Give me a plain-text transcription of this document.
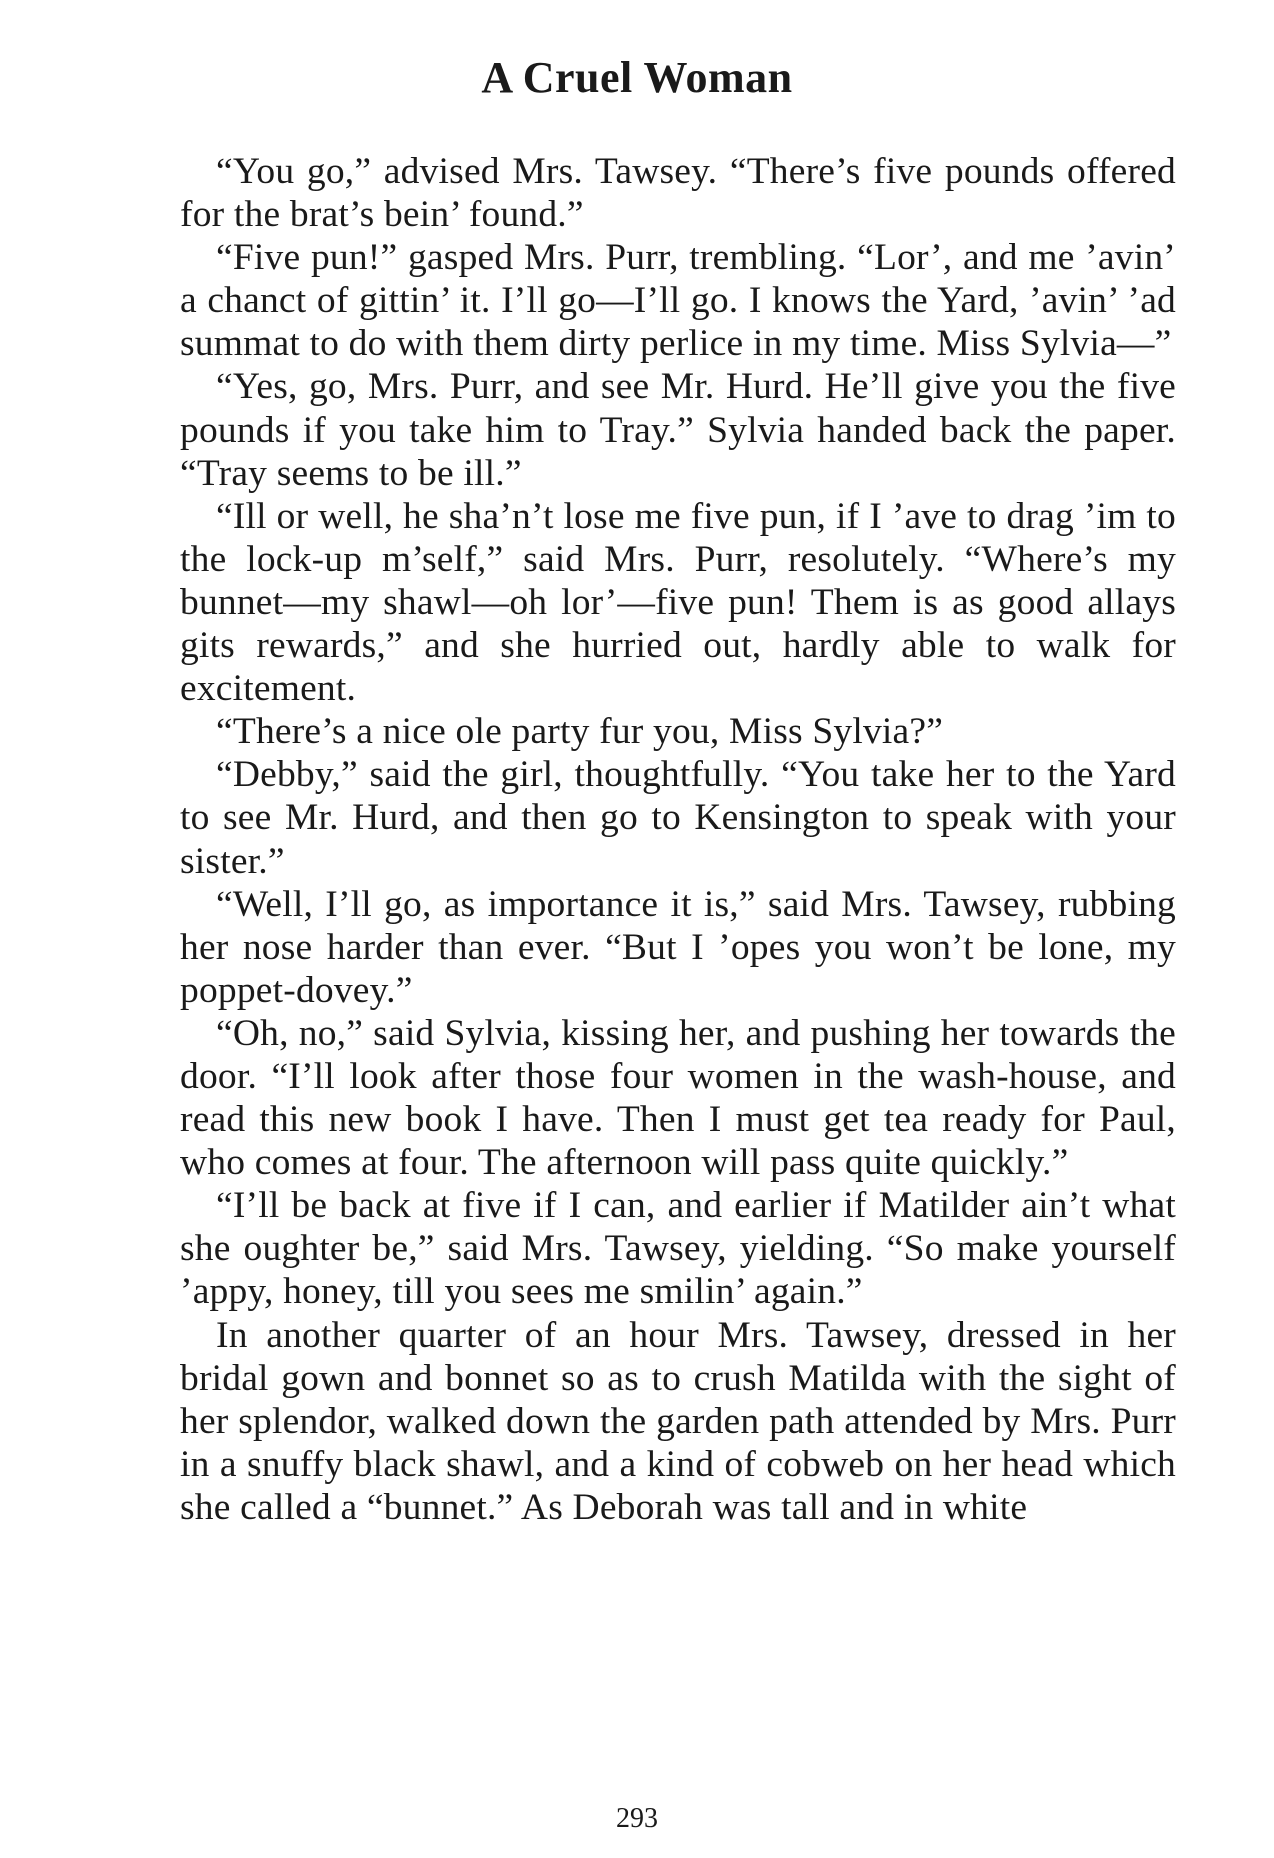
A Cruel Woman

“You go,” advised Mrs. Tawsey. “There’s five pounds offered for the brat’s bein’ found.”

“Five pun!” gasped Mrs. Purr, trembling. “Lor’, and me ’avin’ a chanct of gittin’ it. I’ll go—I’ll go. I knows the Yard, ’avin’ ’ad summat to do with them dirty perlice in my time. Miss Sylvia—”

“Yes, go, Mrs. Purr, and see Mr. Hurd. He’ll give you the five pounds if you take him to Tray.” Sylvia handed back the paper. “Tray seems to be ill.”

“Ill or well, he sha’n’t lose me five pun, if I ’ave to drag ’im to the lock-up m’self,” said Mrs. Purr, resolutely. “Where’s my bunnet—my shawl—oh lor’—five pun! Them is as good allays gits rewards,” and she hurried out, hardly able to walk for excitement.

“There’s a nice ole party fur you, Miss Sylvia?”

“Debby,” said the girl, thoughtfully. “You take her to the Yard to see Mr. Hurd, and then go to Kensington to speak with your sister.”

“Well, I’ll go, as importance it is,” said Mrs. Tawsey, rubbing her nose harder than ever. “But I ’opes you won’t be lone, my poppet-dovey.”

“Oh, no,” said Sylvia, kissing her, and pushing her towards the door. “I’ll look after those four women in the wash-house, and read this new book I have. Then I must get tea ready for Paul, who comes at four. The afternoon will pass quite quickly.”

“I’ll be back at five if I can, and earlier if Matilder ain’t what she oughter be,” said Mrs. Tawsey, yielding. “So make yourself ’appy, honey, till you sees me smilin’ again.”

In another quarter of an hour Mrs. Tawsey, dressed in her bridal gown and bonnet so as to crush Matilda with the sight of her splendor, walked down the garden path attended by Mrs. Purr in a snuffy black shawl, and a kind of cobweb on her head which she called a “bunnet.” As Deborah was tall and in white

293
